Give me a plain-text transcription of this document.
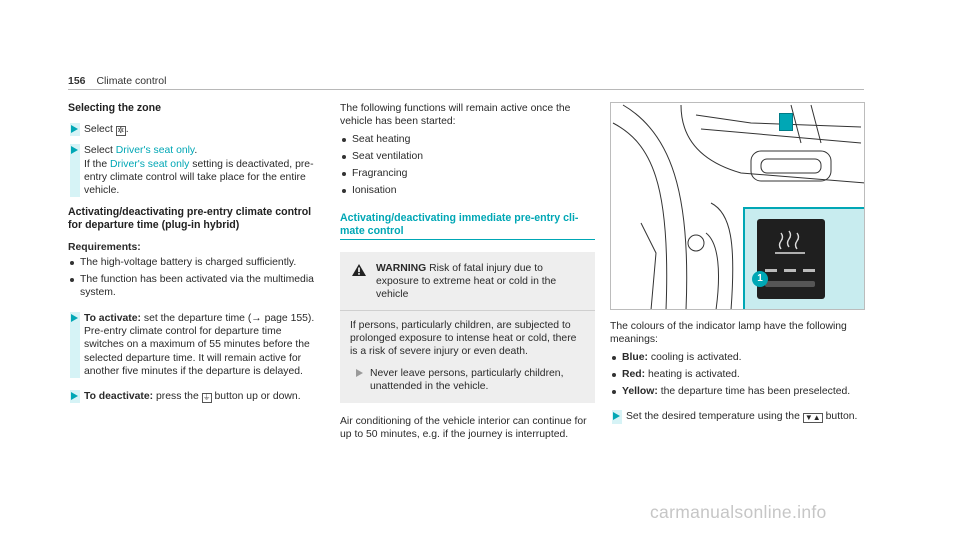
156 Climate control
Selecting the zone
Select ✲ .
Select Driver's seat only.
If the Driver's seat only setting is deactivated, pre-entry climate control will take place for the entire vehicle.
Activating/deactivating pre-entry climate control
for departure time (plug-in hybrid)
Requirements:
The high-voltage battery is charged sufficiently.
The function has been activated via the multimedia system.
To activate: set the departure time (→ page 155). Pre-entry climate control for departure time switches on a maximum of 55 minutes before the selected departure time. It will remain active for another five minutes if the departure is delayed.
To deactivate: press the ⏚ button up or down.
The following functions will remain active once the vehicle has been started:
Seat heating
Seat ventilation
Fragrancing
Ionisation
Activating/deactivating immediate pre-entry cli-
mate control
WARNING Risk of fatal injury due to exposure to extreme heat or cold in the vehicle
If persons, particularly children, are subjected to prolonged exposure to intense heat or cold, there is a risk of severe injury or even death.
Never leave persons, particularly children, unattended in the vehicle.
Air conditioning of the vehicle interior can continue for up to 50 minutes, e.g. if the journey is interrupted.
1
The colours of the indicator lamp have the following meanings:
Blue: cooling is activated.
Red: heating is activated.
Yellow: the departure time has been preselected.
Set the desired temperature using the ▼▲ button.
carmanualsonline.info
